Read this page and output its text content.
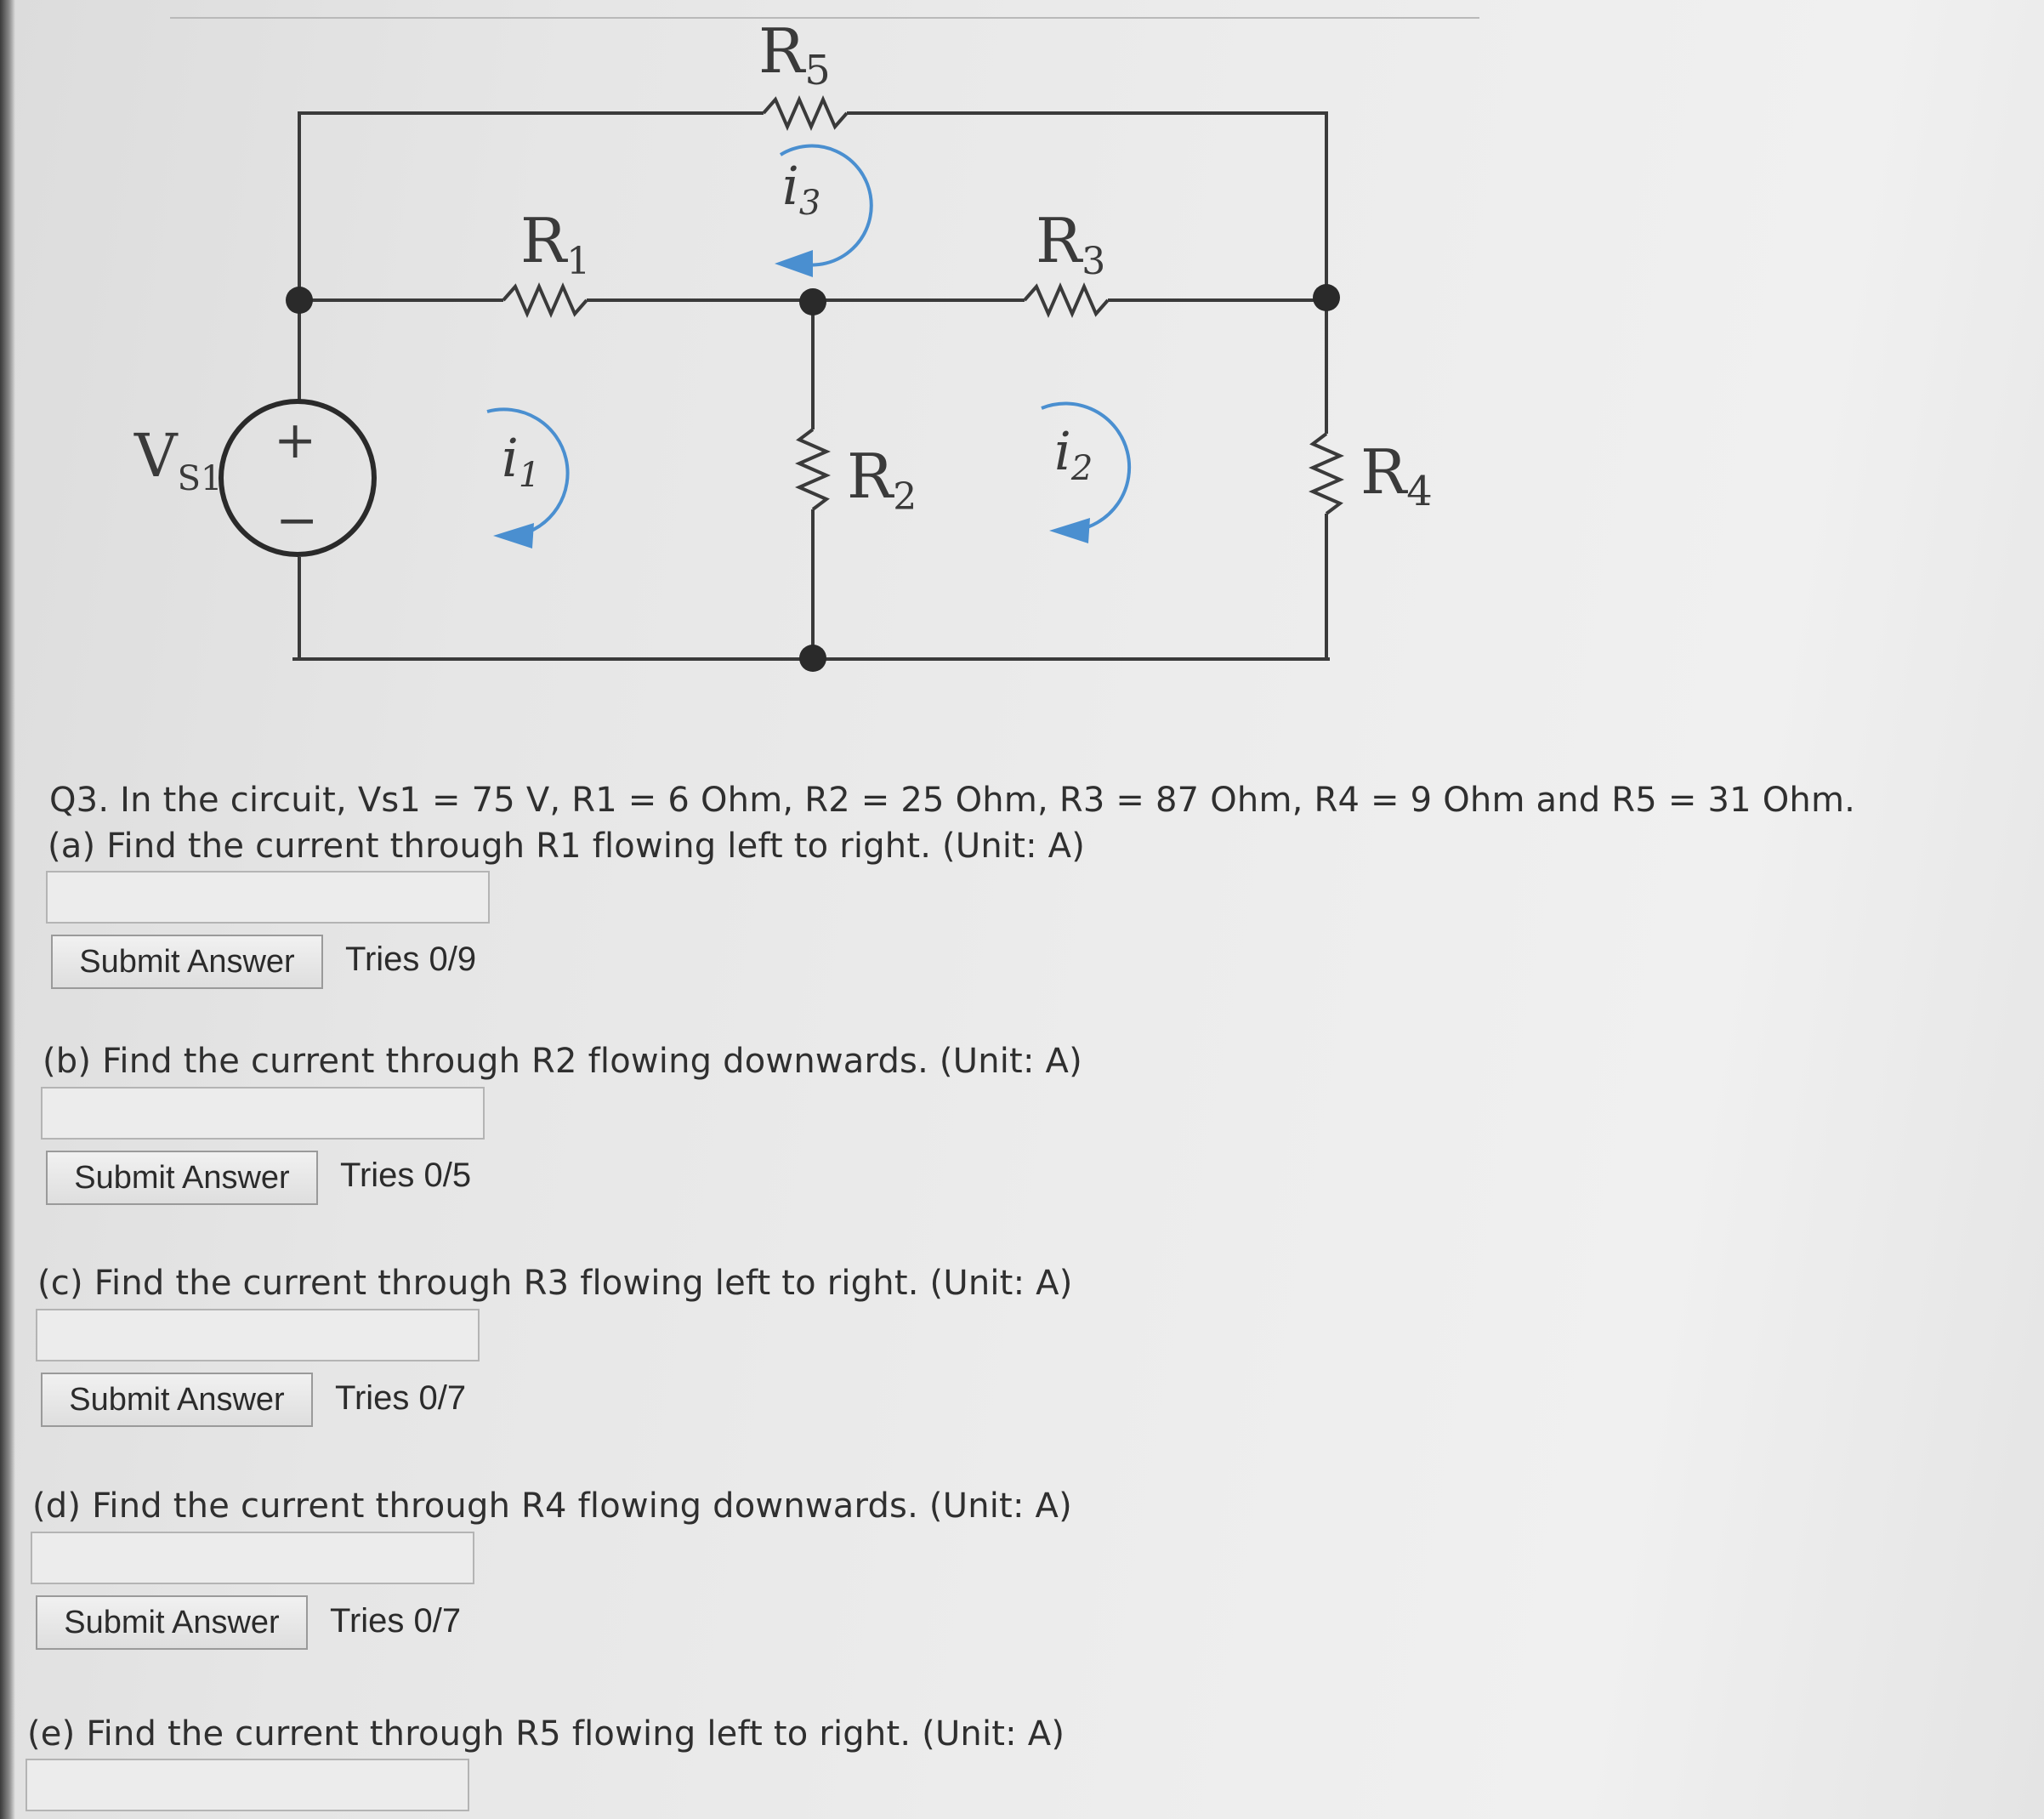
R5
R1	R3
R2	R4
$V_{S1}$
+
−
i1	i2
i3
Q3. In the circuit, Vs1 = 75 V, R1 = 6 Ohm, R2 = 25 Ohm, R3 = 87 Ohm, R4 = 9 Ohm and R5 = 31 Ohm.
(a) Find the current through R1 flowing left to right. (Unit: A)
Submit Answer	Tries 0/9
(b) Find the current through R2 flowing downwards. (Unit: A)
Submit Answer	Tries 0/5
(c) Find the current through R3 flowing left to right. (Unit: A)
Submit Answer	Tries 0/7
(d) Find the current through R4 flowing downwards. (Unit: A)
Submit Answer	Tries 0/7
(e) Find the current through R5 flowing left to right. (Unit: A)
